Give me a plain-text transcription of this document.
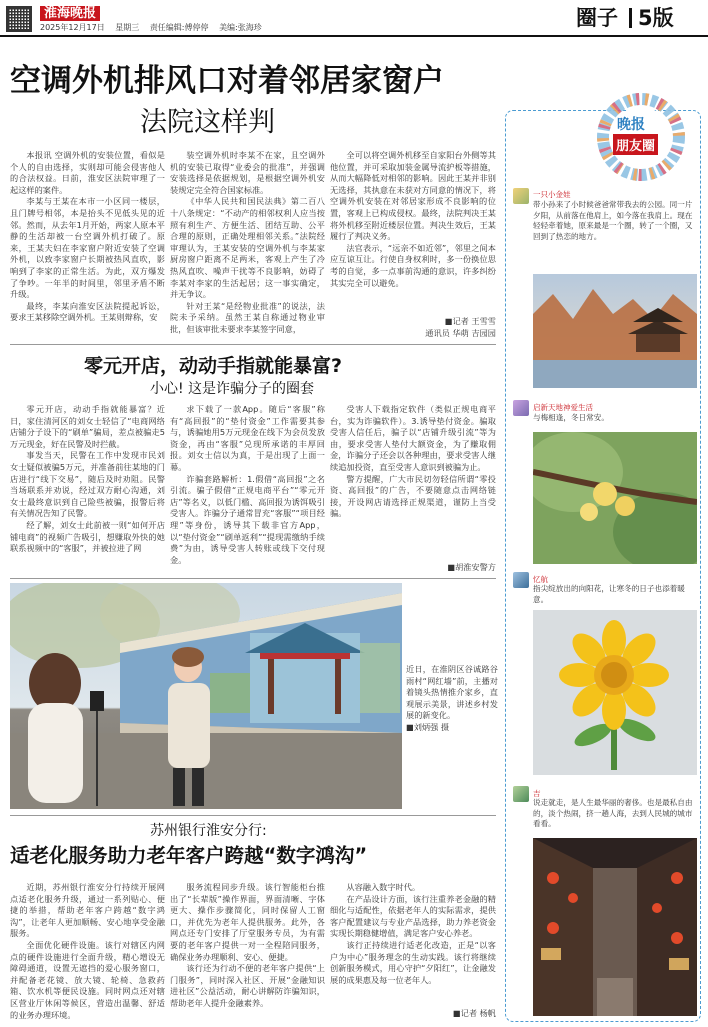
淮海晚报
2025年12月17日 星期三 责任编辑:傅停停 美编:张海珍	圈子 5版
空调外机排风口对着邻居家窗户
法院这样判

本报讯 空调外机的安装位置，看似是个人的自由选择，实则却可能会侵害他人的合法权益。日前，淮安区法院审理了一起这样的案件。

李某与王某在本市一小区同一楼层，且门牌号相邻，本是抬头不见低头见的近邻。然而，从去年1月开始，两家人原本平静的生活却被一台空调外机打破了。原来，王某夫妇在李家窗户附近安装了空调外机，以致李家窗户长期被热风直吹，影响到了李家的正常生活。为此，双方爆发了争吵。一年半的时间里，邻里矛盾不断升级。

最终，李某向淮安区法院提起诉讼，要求王某移除空调外机。王某则辩称，安

装空调外机时李某不在家，且空调外机的安装已取得“业委会的批准”，并强调安装选择是依据规划，是根据空调外机安装规定完全符合国家标准。

《中华人民共和国民法典》第二百八十八条规定：“不动产的相邻权利人应当按照有利生产、方便生活、团结互助、公平合理的原则，正确处理相邻关系。”法院经审理认为，王某安装的空调外机与李某家厨房窗户距离不足两米，客观上产生了冷热风直吹、噪声干扰等不良影响，妨碍了李某对李家的生活起居；这一事实确定，并无争议。

针对王某“是经物业批准”的说法，法院未予采纳。虽然王某自称通过物业审批，但该审批未要求李某签字同意，

全可以将空调外机移至自家阳台外侧等其他位置，并可采取加装金属导流护板等措施，从而大幅降低对相邻的影响。因此王某并非别无选择，其执意在未获对方同意的情况下，将空调外机安装在对邻居家形成不良影响的位置，客观上已构成侵权。最终，法院判决王某将外机移至附近楼层位置。判决生效后，王某履行了判决义务。

法官表示，“远亲不如近邻”，邻里之间本应互谅互让。行使自身权利时，多一份换位思考的自觉，多一点事前沟通的意识，许多纠纷其实完全可以避免。

■记者 王雪雪
通讯员 华萌 吉园园
零元开店，动动手指就能暴富?
小心! 这是诈骗分子的圈套

零元开店，动动手指就能暴富？近日，家住清河区的刘女士轻信了“电商网络店铺分子设下的“刷单”骗局，差点被骗走5万元现金，好在民警及时拦截。

事发当天，民警在工作中发现市民刘女士疑似被骗5万元，并准备前往某地的门店进行“线下交易”，随后及时劝阻。民警当场联系并劝说，经过双方耐心沟通，刘女士最终意识到自己险些被骗，报警后将有关情况告知了民警。

经了解，刘女士此前被一则“如何开店铺电商”的视频广告吸引，想赚取外快的她联系视频中的“客服”，并被拉进了网

求下载了一款App。随后“客服”称有“高回报”的“垫付资金”工作需要其参与，诱骗她用5万元现金在线下为会员发放资金，再由“客服”兑现所承诺的丰厚回报。刘女士信以为真，于是出现了上面一幕。

诈骗套路解析：1.假借“高回报”之名引流。骗子假借“正规电商平台”“零元开店”等名义，以低门槛、高回报为诱饵吸引受害人。诈骗分子通常冒充“客服”“项目经理”等身份，诱导其下载非官方App，以“垫付资金”“刷单返利”“提现需缴纳手续费”为由，诱导受害人转账或线下交付现金。

受害人下载指定软件（类似正规电商平台，实为诈骗软件）。3.诱导垫付资金。骗取受害人信任后，骗子以“店铺升级引流”等为由，要求受害人垫付大额资金，为了赚取佣金，诈骗分子还会以各种理由，要求受害人继续追加投资，直至受害人意识到被骗为止。

警方提醒，广大市民切勿轻信所谓“零投资、高回报”的广告，不要随意点击网络链接，开设网店请选择正规渠道，谨防上当受骗。

■胡淮安警方

近日，在淮阴区谷诚路谷雨村“网红墙”前，主播对着镜头热情推介家乡，直观展示美景，讲述乡村发展的新变化。

■刘炳强 摄

苏州银行淮安分行:
适老化服务助力老年客户跨越“数字鸿沟”

近期，苏州银行淮安分行持续开展网点适老化服务升级，通过一系列贴心、便捷的举措，帮助老年客户跨越“数字鸿沟”，让老年人更加顺畅、安心地享受金融服务。

全面优化硬件设施。该行对辖区内网点的硬件设施进行全面升级，精心增设无障碍通道，设置无遮挡的爱心服务窗口，并配备老花镜、放大镜、轮椅、急救药箱、饮水机等便民设施。同时网点还对辖区营业厅休闲等候区，营造出温馨、舒适的业务办理环境。

服务流程同步升级。该行智能柜台推出了“长辈版”操作界面，界面清晰、字体更大、操作步骤简化，同时保留人工窗口，并优先为老年人提供服务。此外，各网点还专门安排了厅堂服务专员，为有需要的老年客户提供一对一全程陪同服务，确保业务办理顺利、安心、便捷。

该行还为行动不便的老年客户提供“上门服务”，同时深入社区、开展“金融知识进社区”公益活动，耐心讲解防诈骗知识，帮助老年人提升金融素养。

从容融入数字时代。

在产品设计方面，该行注重养老金融的精细化与适配性，依据老年人的实际需求，提供客户配置建议与专业产品选择，助力养老资金实现长期稳健增值，满足客户安心养老。

该行正持续进行适老化改造，正是“以客户为中心”服务理念的生动实践。该行将继续创新服务模式，用心守护“夕阳红”，让金融发展的成果惠及每一位老年人。

■记者 杨帆
晚报
朋友圈
一只小金娃
带小孙来了小时候爸爸常带我去的公园。同一片夕阳，从前落在他肩上，如今落在我肩上。现在轻轻牵着她，原来最是一个圈，转了一个圈，又回到了热恋的地方。
启新天地神爱生活
与梅相逢，冬日常安。
忆航
指尖绽放出的向阳花，让寒冬的日子也添着暖意。
吉
说走就走，是人生最华丽的奢侈。也是最私自由的，淡个热闹，挤一趟人海，去到人民城的城市看看。
